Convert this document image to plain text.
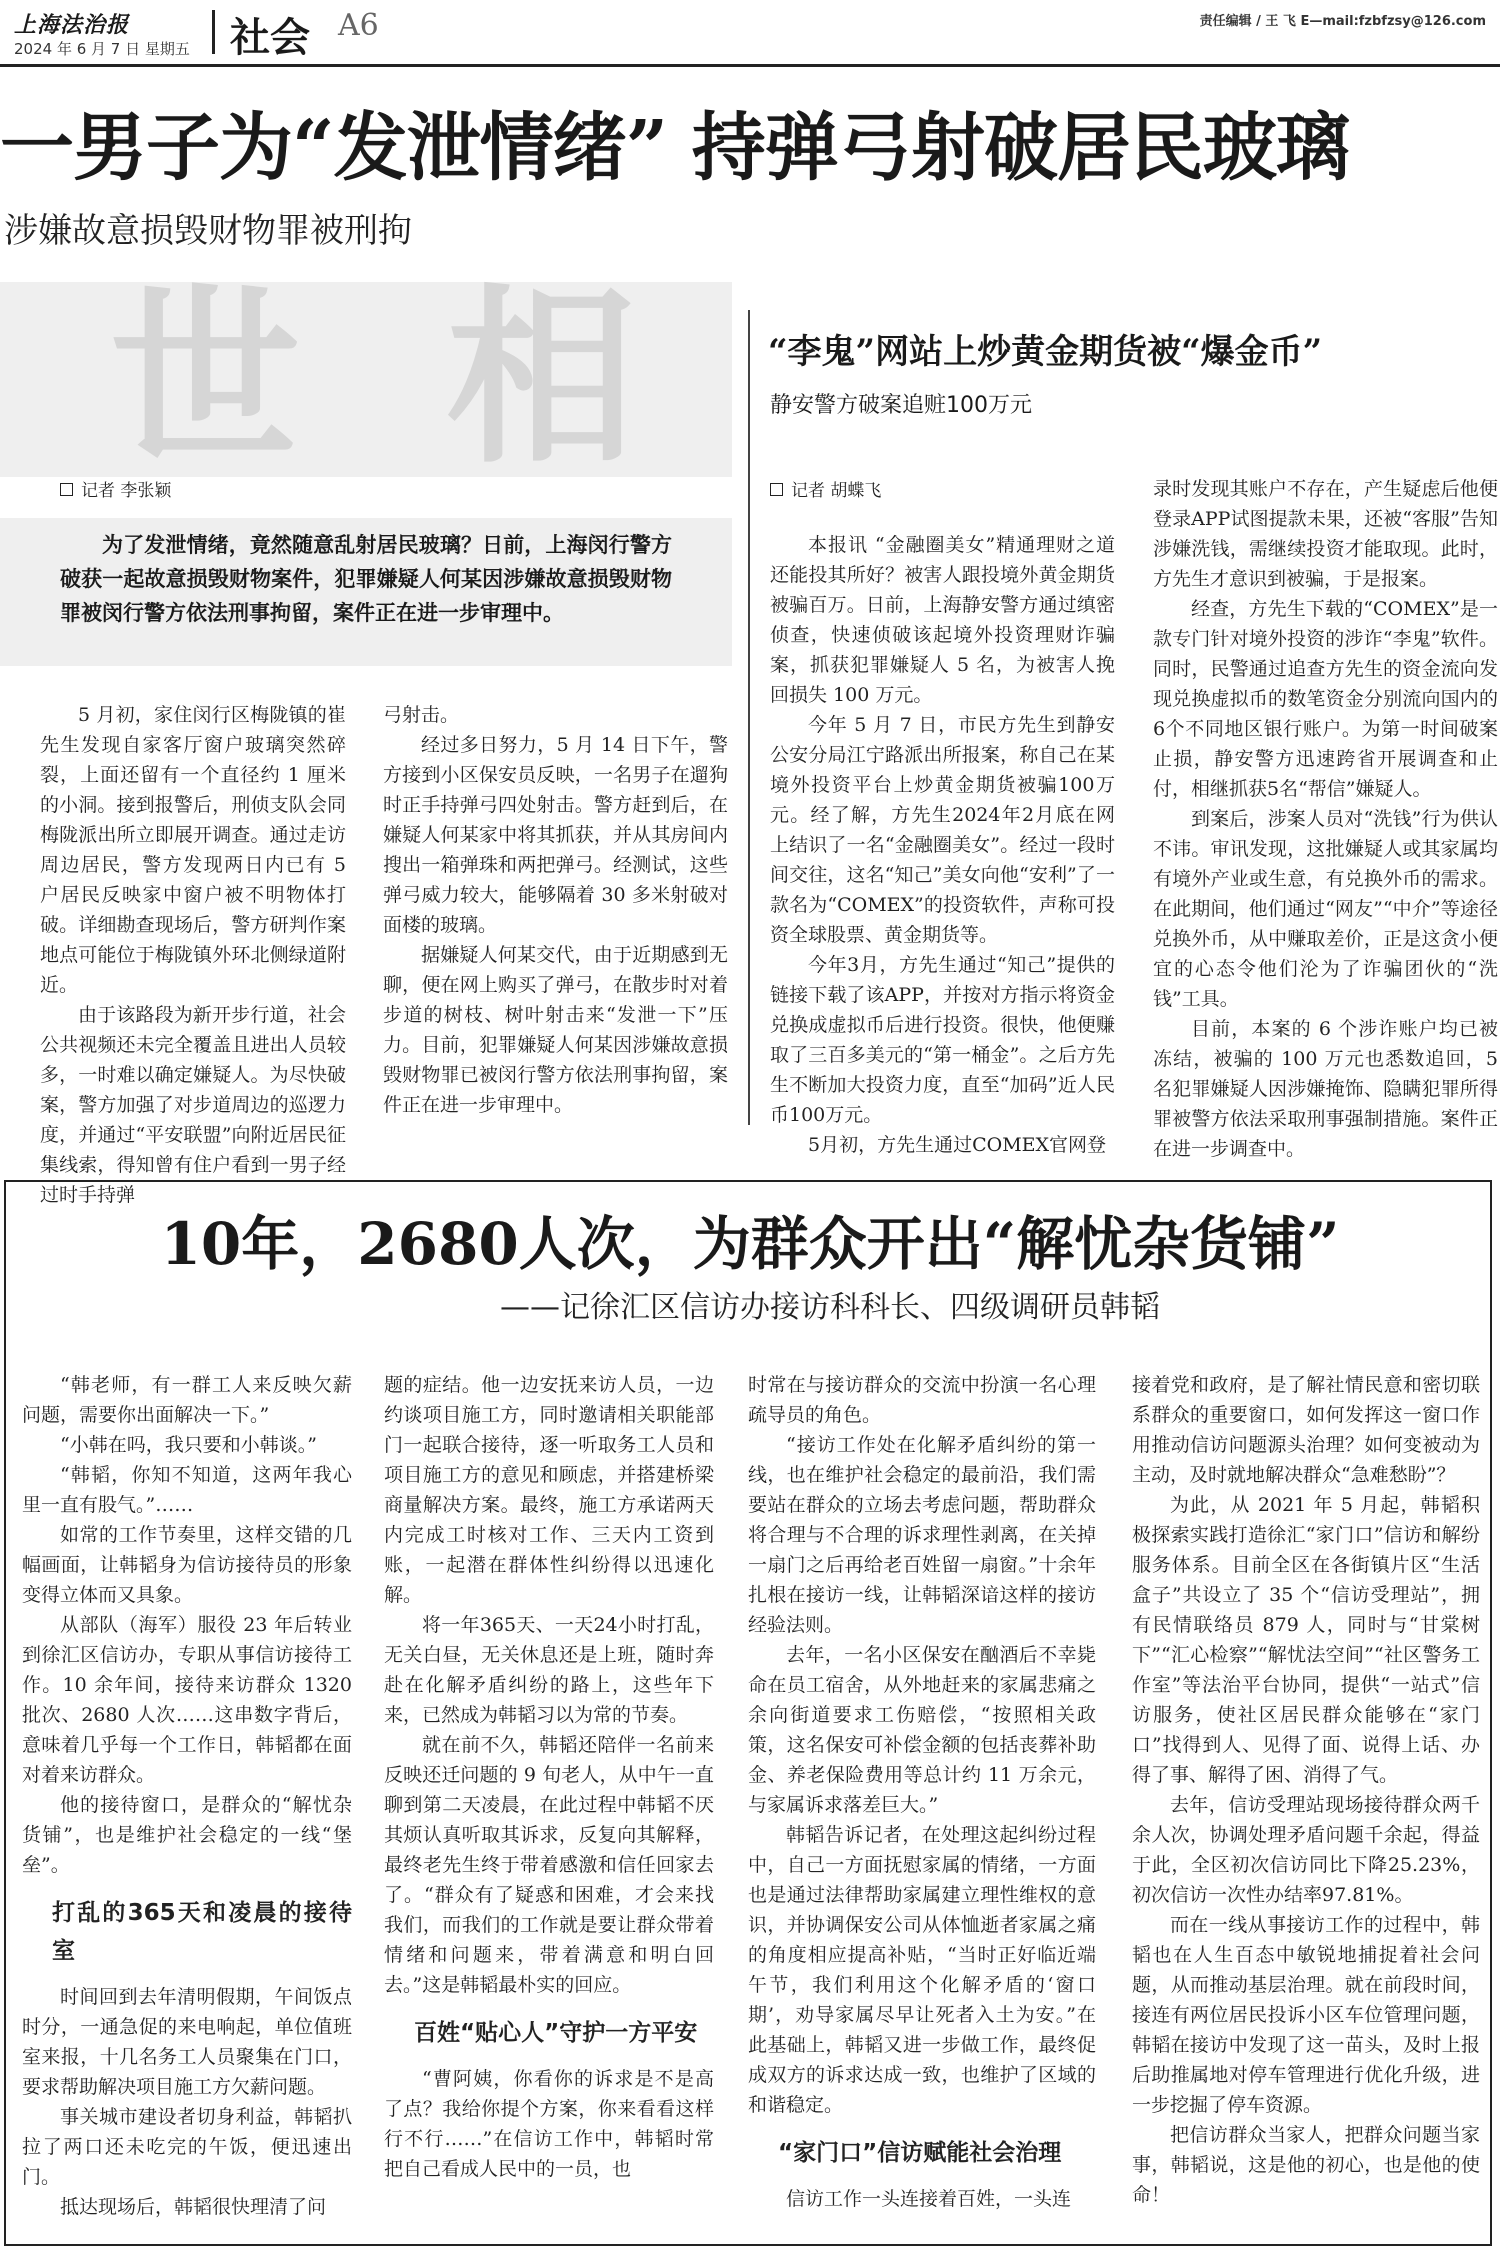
上海法治报
2024 年 6 月 7 日 星期五 社会 A6	责任编辑 / 王 飞 E—mail:fzbfzsy@126.com
一男子为“发泄情绪” 持弹弓射破居民玻璃
涉嫌故意损毁财物罪被刑拘
世 相
记者 李张颖
为了发泄情绪，竟然随意乱射居民玻璃？日前，上海闵行警方破获一起故意损毁财物案件，犯罪嫌疑人何某因涉嫌故意损毁财物罪被闵行警方依法刑事拘留，案件正在进一步审理中。

5 月初，家住闵行区梅陇镇的崔先生发现自家客厅窗户玻璃突然碎裂，上面还留有一个直径约 1 厘米的小洞。接到报警后，刑侦支队会同梅陇派出所立即展开调查。通过走访周边居民，警方发现两日内已有 5 户居民反映家中窗户被不明物体打破。详细勘查现场后，警方研判作案地点可能位于梅陇镇外环北侧绿道附近。

由于该路段为新开步行道，社会公共视频还未完全覆盖且进出人员较多，一时难以确定嫌疑人。为尽快破案，警方加强了对步道周边的巡逻力度，并通过“平安联盟”向附近居民征集线索，得知曾有住户看到一男子经过时手持弹

弓射击。

经过多日努力，5 月 14 日下午，警方接到小区保安员反映，一名男子在遛狗时正手持弹弓四处射击。警方赶到后，在嫌疑人何某家中将其抓获，并从其房间内搜出一箱弹珠和两把弹弓。经测试，这些弹弓威力较大，能够隔着 30 多米射破对面楼的玻璃。

据嫌疑人何某交代，由于近期感到无聊，便在网上购买了弹弓，在散步时对着步道的树枝、树叶射击来“发泄一下”压力。目前，犯罪嫌疑人何某因涉嫌故意损毁财物罪已被闵行警方依法刑事拘留，案件正在进一步审理中。

“李鬼”网站上炒黄金期货被“爆金币”
静安警方破案追赃100万元
记者 胡蝶飞

本报讯 “金融圈美女”精通理财之道还能投其所好？被害人跟投境外黄金期货被骗百万。日前，上海静安警方通过缜密侦查，快速侦破该起境外投资理财诈骗案，抓获犯罪嫌疑人 5 名，为被害人挽回损失 100 万元。

今年 5 月 7 日，市民方先生到静安公安分局江宁路派出所报案，称自己在某境外投资平台上炒黄金期货被骗100万元。经了解，方先生2024年2月底在网上结识了一名“金融圈美女”。经过一段时间交往，这名“知己”美女向他“安利”了一款名为“COMEX”的投资软件，声称可投资全球股票、黄金期货等。

今年3月，方先生通过“知己”提供的链接下载了该APP，并按对方指示将资金兑换成虚拟币后进行投资。很快，他便赚取了三百多美元的“第一桶金”。之后方先生不断加大投资力度，直至“加码”近人民币100万元。

5月初，方先生通过COMEX官网登

录时发现其账户不存在，产生疑虑后他便登录APP试图提款未果，还被“客服”告知涉嫌洗钱，需继续投资才能取现。此时，方先生才意识到被骗，于是报案。

经查，方先生下载的“COMEX”是一款专门针对境外投资的涉诈“李鬼”软件。同时，民警通过追查方先生的资金流向发现兑换虚拟币的数笔资金分别流向国内的6个不同地区银行账户。为第一时间破案止损，静安警方迅速跨省开展调查和止付，相继抓获5名“帮信”嫌疑人。

到案后，涉案人员对“洗钱”行为供认不讳。审讯发现，这批嫌疑人或其家属均有境外产业或生意，有兑换外币的需求。在此期间，他们通过“网友”“中介”等途径兑换外币，从中赚取差价，正是这贪小便宜的心态令他们沦为了诈骗团伙的“洗钱”工具。

目前，本案的 6 个涉诈账户均已被冻结，被骗的 100 万元也悉数追回，5名犯罪嫌疑人因涉嫌掩饰、隐瞒犯罪所得罪被警方依法采取刑事强制措施。案件正在进一步调查中。

10年，2680人次，为群众开出“解忧杂货铺”
——记徐汇区信访办接访科科长、四级调研员韩韬

“韩老师，有一群工人来反映欠薪问题，需要你出面解决一下。”

“小韩在吗，我只要和小韩谈。”

“韩韬，你知不知道，这两年我心里一直有股气。”……

如常的工作节奏里，这样交错的几幅画面，让韩韬身为信访接待员的形象变得立体而又具象。

从部队（海军）服役 23 年后转业到徐汇区信访办，专职从事信访接待工作。10 余年间，接待来访群众 1320 批次、2680 人次……这串数字背后，意味着几乎每一个工作日，韩韬都在面对着来访群众。

他的接待窗口，是群众的“解忧杂货铺”，也是维护社会稳定的一线“堡垒”。

打乱的365天和凌晨的接待室

时间回到去年清明假期，午间饭点时分，一通急促的来电响起，单位值班室来报，十几名务工人员聚集在门口，要求帮助解决项目施工方欠薪问题。

事关城市建设者切身利益，韩韬扒拉了两口还未吃完的午饭，便迅速出门。

抵达现场后，韩韬很快理清了问

题的症结。他一边安抚来访人员，一边约谈项目施工方，同时邀请相关职能部门一起联合接待，逐一听取务工人员和项目施工方的意见和顾虑，并搭建桥梁商量解决方案。最终，施工方承诺两天内完成工时核对工作、三天内工资到账，一起潜在群体性纠纷得以迅速化解。

将一年365天、一天24小时打乱，无关白昼，无关休息还是上班，随时奔赴在化解矛盾纠纷的路上，这些年下来，已然成为韩韬习以为常的节奏。

就在前不久，韩韬还陪伴一名前来反映还迁问题的 9 旬老人，从中午一直聊到第二天凌晨，在此过程中韩韬不厌其烦认真听取其诉求，反复向其解释，最终老先生终于带着感激和信任回家去了。“群众有了疑惑和困难，才会来找我们，而我们的工作就是要让群众带着情绪和问题来，带着满意和明白回去。”这是韩韬最朴实的回应。

百姓“贴心人”守护一方平安

“曹阿姨，你看你的诉求是不是高了点？我给你提个方案，你来看看这样行不行……”在信访工作中，韩韬时常把自己看成人民中的一员，也

时常在与接访群众的交流中扮演一名心理疏导员的角色。

“接访工作处在化解矛盾纠纷的第一线，也在维护社会稳定的最前沿，我们需要站在群众的立场去考虑问题，帮助群众将合理与不合理的诉求理性剥离，在关掉一扇门之后再给老百姓留一扇窗。”十余年扎根在接访一线，让韩韬深谙这样的接访经验法则。

去年，一名小区保安在酗酒后不幸毙命在员工宿舍，从外地赶来的家属悲痛之余向街道要求工伤赔偿，“按照相关政策，这名保安可补偿金额的包括丧葬补助金、养老保险费用等总计约 11 万余元，与家属诉求落差巨大。”

韩韬告诉记者，在处理这起纠纷过程中，自己一方面抚慰家属的情绪，一方面也是通过法律帮助家属建立理性维权的意识，并协调保安公司从体恤逝者家属之痛的角度相应提高补贴，“当时正好临近端午节，我们利用这个化解矛盾的‘窗口期’，劝导家属尽早让死者入土为安。”在此基础上，韩韬又进一步做工作，最终促成双方的诉求达成一致，也维护了区域的和谐稳定。

“家门口”信访赋能社会治理

信访工作一头连接着百姓，一头连

接着党和政府，是了解社情民意和密切联系群众的重要窗口，如何发挥这一窗口作用推动信访问题源头治理？如何变被动为主动，及时就地解决群众“急难愁盼”？

为此，从 2021 年 5 月起，韩韬积极探索实践打造徐汇“家门口”信访和解纷服务体系。目前全区在各街镇片区“生活盒子”共设立了 35 个“信访受理站”，拥有民情联络员 879 人，同时与“甘棠树下”“汇心检察”“解忧法空间”“社区警务工作室”等法治平台协同，提供“一站式”信访服务，使社区居民群众能够在“家门口”找得到人、见得了面、说得上话、办得了事、解得了困、消得了气。

去年，信访受理站现场接待群众两千余人次，协调处理矛盾问题千余起，得益于此，全区初次信访同比下降25.23%，初次信访一次性办结率97.81%。

而在一线从事接访工作的过程中，韩韬也在人生百态中敏锐地捕捉着社会问题，从而推动基层治理。就在前段时间，接连有两位居民投诉小区车位管理问题，韩韬在接访中发现了这一苗头，及时上报后助推属地对停车管理进行优化升级，进一步挖掘了停车资源。

把信访群众当家人，把群众问题当家事，韩韬说，这是他的初心，也是他的使命！
